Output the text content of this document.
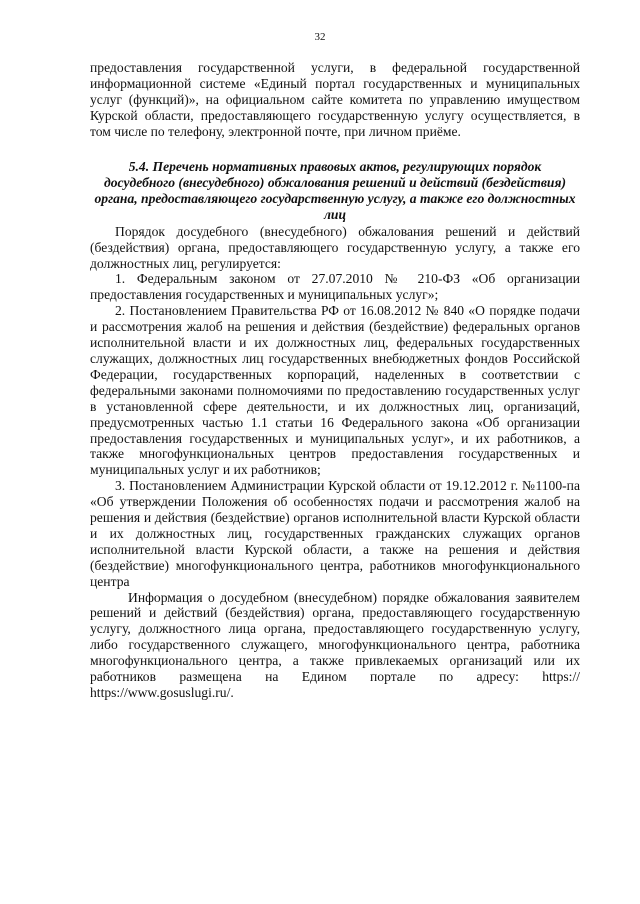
32

предоставления государственной услуги, в федеральной государственной информационной системе «Единый портал государственных и муниципальных услуг (функций)», на официальном сайте комитета по управлению имуществом Курской области, предоставляющего государственную услугу осуществляется, в том числе по телефону, электронной почте, при личном приёме.

5.4. Перечень нормативных правовых актов, регулирующих порядок досудебного (внесудебного) обжалования решений и действий (бездействия) органа, предоставляющего государственную услугу, а также его должностных лиц

Порядок досудебного (внесудебного) обжалования решений и действий (бездействия) органа, предоставляющего государственную услугу, а также его должностных лиц, регулируется:

1. Федеральным законом от 27.07.2010 № 210-ФЗ «Об организации предоставления государственных и муниципальных услуг»;

2. Постановлением Правительства РФ от 16.08.2012 № 840 «О порядке подачи и рассмотрения жалоб на решения и действия (бездействие) федеральных органов исполнительной власти и их должностных лиц, федеральных государственных служащих, должностных лиц государственных внебюджетных фондов Российской Федерации, государственных корпораций, наделенных в соответствии с федеральными законами полномочиями по предоставлению государственных услуг в установленной сфере деятельности, и их должностных лиц, организаций, предусмотренных частью 1.1 статьи 16 Федерального закона «Об организации предоставления государственных и муниципальных услуг», и их работников, а также многофункциональных центров предоставления государственных и муниципальных услуг и их работников;

3. Постановлением Администрации Курской области от 19.12.2012 г. №1100-па «Об утверждении Положения об особенностях подачи и рассмотрения жалоб на решения и действия (бездействие) органов исполнительной власти Курской области и их должностных лиц, государственных гражданских служащих органов исполнительной власти Курской области, а также на решения и действия (бездействие) многофункционального центра, работников многофункционального центра

Информация о досудебном (внесудебном) порядке обжалования заявителем решений и действий (бездействия) органа, предоставляющего государственную услугу, должностного лица органа, предоставляющего государственную услугу, либо государственного служащего, многофункционального центра, работника многофункционального центра, а также привлекаемых организаций или их работников размещена на Едином портале по адресу: https:// https://www.gosuslugi.ru/.
